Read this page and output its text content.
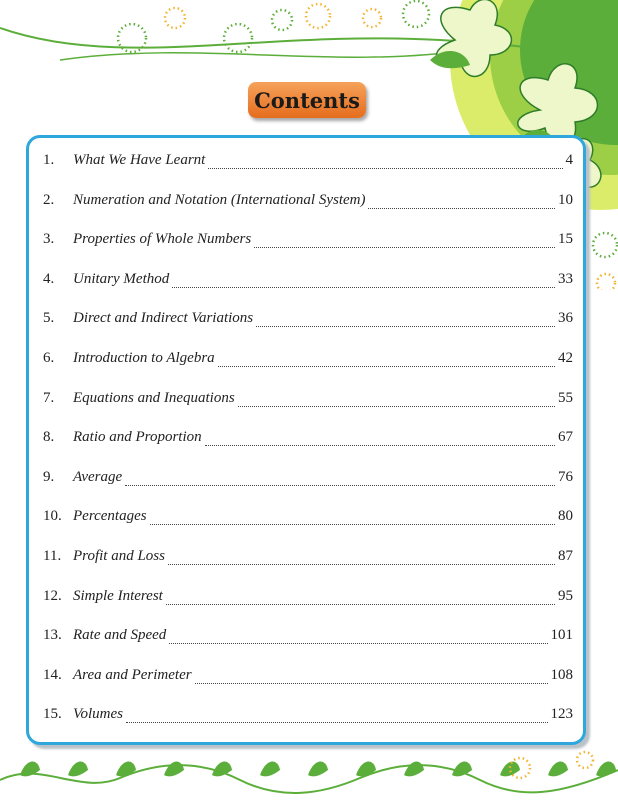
Contents
1.	What We Have Learnt	4
2.	Numeration and Notation (International System)	10
3.	Properties of Whole Numbers	15
4.	Unitary Method	33
5.	Direct and Indirect Variations	36
6.	Introduction to Algebra	42
7.	Equations and Inequations	55
8.	Ratio and Proportion	67
9.	Average	76
10. Percentages	80
11. Profit and Loss	87
12. Simple Interest	95
13. Rate and Speed	101
14. Area and Perimeter	108
15. Volumes	123
